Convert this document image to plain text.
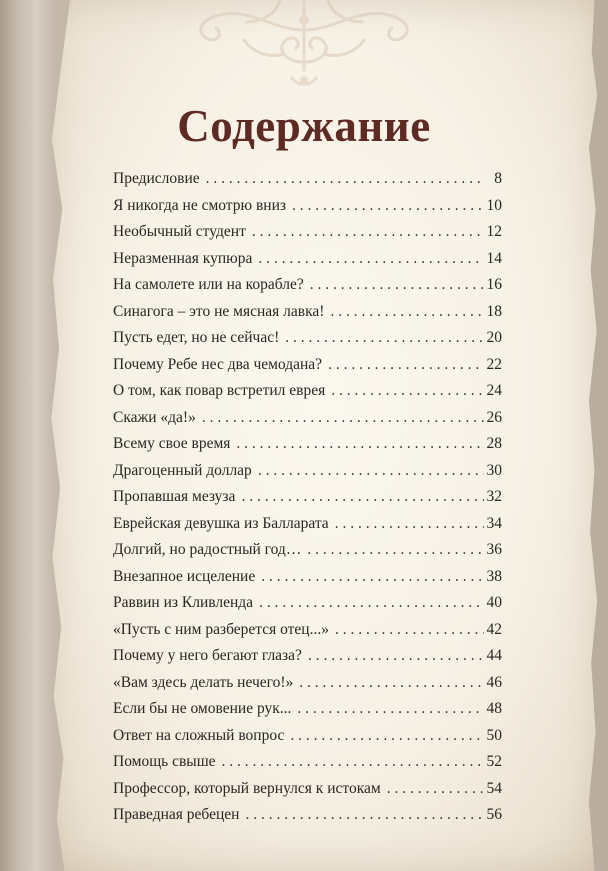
Содержание
Предисловие . . .	8
Я никогда не смотрю вниз . . .	10
Необычный студент . . .	12
Неразменная купюра . . .	14
На самолете или на корабле? . . .	16
Синагога – это не мясная лавка! . . .	18
Пусть едет, но не сейчас! . . .	20
Почему Ребе нес два чемодана? . . .	22
О том, как повар встретил еврея . . .	24
Скажи «да!» . . .	26
Всему свое время . . .	28
Драгоценный доллар . . .	30
Пропавшая мезуза . . .	32
Еврейская девушка из Балларата . . .	34
Долгий, но радостный год… . . .	36
Внезапное исцеление . . .	38
Раввин из Кливленда . . .	40
«Пусть с ним разберется отец...» . . .	42
Почему у него бегают глаза? . . .	44
«Вам здесь делать нечего!» . . .	46
Если бы не омовение рук... . . .	48
Ответ на сложный вопрос . . .	50
Помощь свыше . . .	52
Профессор, который вернулся к истокам . . .	54
Праведная ребецен . . .	56
